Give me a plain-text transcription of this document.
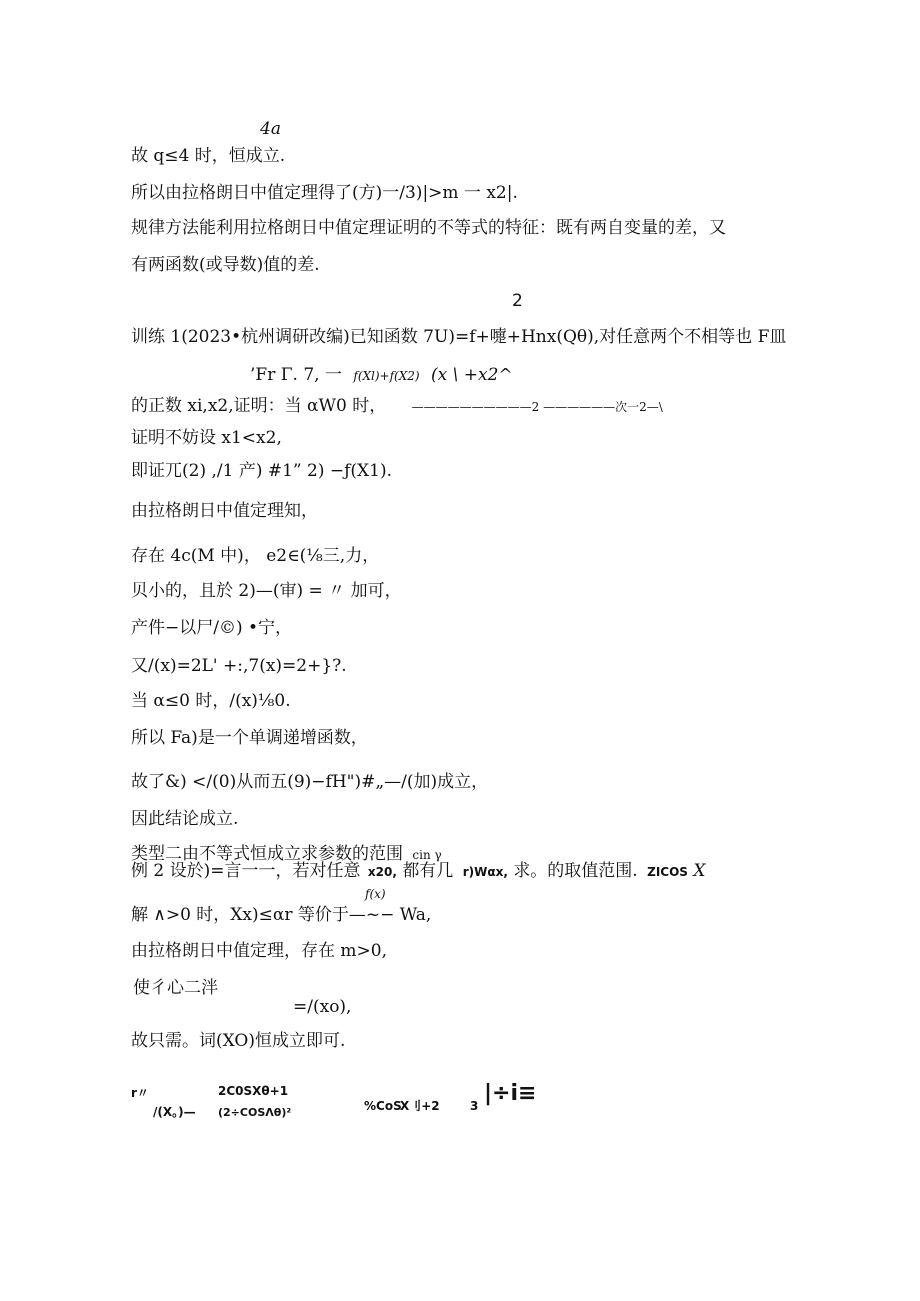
4𝑎
故 q≤4 时，恒成立.
所以由拉格朗日中值定理得了(方)一/3)|>m 一 x2|.
规律方法能利用拉格朗日中值定理证明的不等式的特征：既有两自变量的差，又
有两函数(或导数)值的差.
2
训练 1(2023•杭州调研改编)已知函数 7U)=f+嚏+Hnx(Qθ),对任意两个不相等也 F皿
’Fr Γ. 7, 一 f(Xl)+f(X2) (x \ +x2^
的正数 xi,x2,证明：当 αW0 时， ——————————2 ——————次一2—\
证明不妨设 x1<x2,
即证兀(2) ,/1 产) #1” 2) −ƒ(X1).
由拉格朗日中值定理知，
存在 4c(M 中)， e2∈(⅛三,力，
贝小的，且於 2)—(审) = 〃 加可，
产件−以尸/©) •宁，
又/(x)=2L' +:,7(x)=2+}?.
当 α≤0 时，/(x)⅛0.
所以 Fa)是一个单调递增函数，
故了&) </(0)从而五(9)−fH")#„—/(加)成立，
因此结论成立.
类型二由不等式恒成立求参数的范围 cin γ
例 2 设於)=言一一，若对任意 x20, 都有几 r)Wαx, 求。的取值范围. ZICOS X
f(x)
解 ∧>0 时，Xx)≤αr 等价于—~− Wa,
由拉格朗日中值定理，存在 m>0,
使彳心二泮
=/(xo),
故只需。词(XO)恒成立即可.
r〃	2C0SXθ+1
/(X。)— (2÷COSΛθ)²	%CoS
X刂+2	3 |÷i≡
